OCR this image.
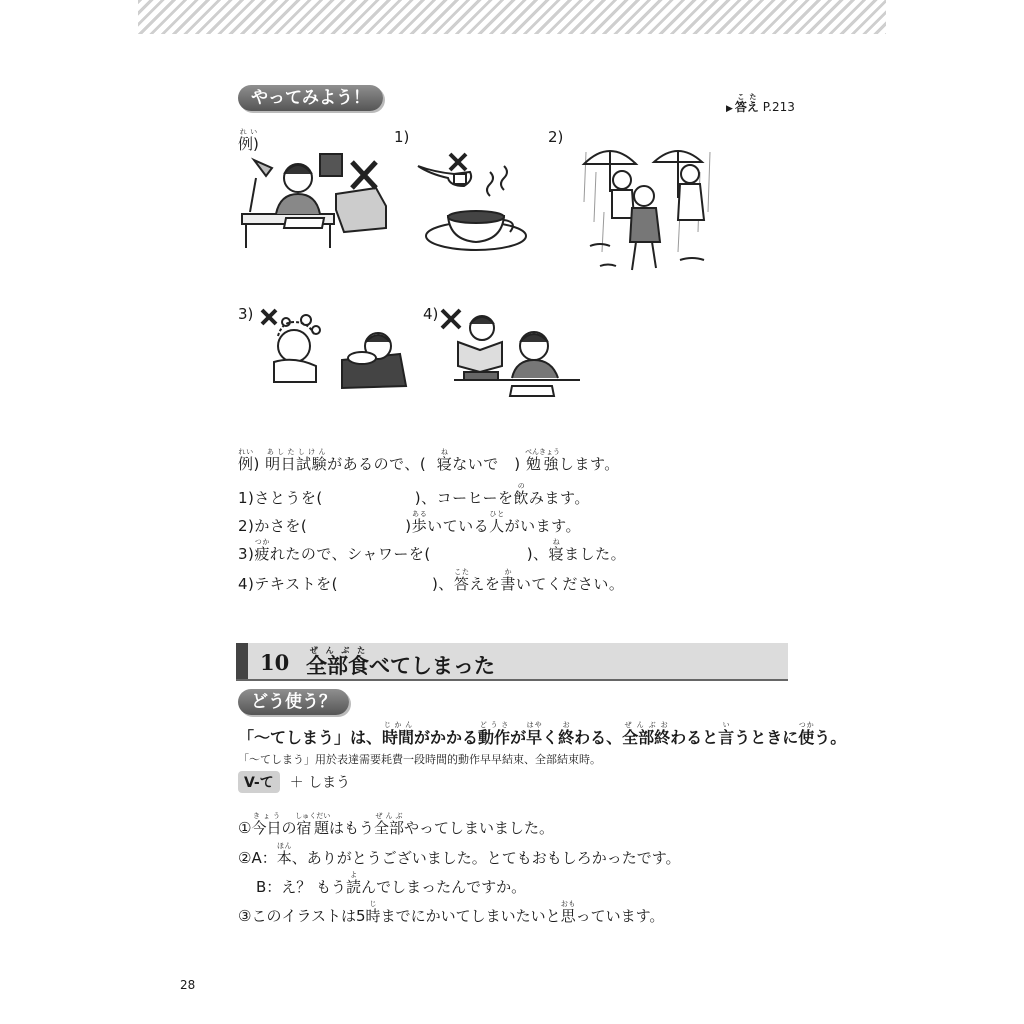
やってみよう！
▶ 答えこた P.213
例)れい	1)	2)
3)	4)
例れい) 明日試験あしたしけんがあるので、( 寝ねないで　) 勉強べんきょうします。
1)さとうを(	)、コーヒーを飲のみます。
2)かさを(	)歩あるいている人ひとがいます。
3)疲つかれたので、シャワーを(	)、寝ねました。
4)テキストを(	)、答こたえを書かいてください。
10 全部食ぜんぶたべてしまった
どう使う？
「〜てしまう」は、時間じかんがかかる動作どうさが早はやく終おわる、全部終ぜんぶおわると言いうときに使つかう。
「〜てしまう」用於表達需要耗費一段時間的動作早早結束、全部結束時。
V-て ＋ しまう
①今日きょうの宿題しゅくだいはもう全部ぜんぶやってしまいました。
②A：本ほん、ありがとうございました。とてもおもしろかったです。
B：え？ もう読よんでしまったんですか。
③このイラストは5時じまでにかいてしまいたいと思おもっています。
28
